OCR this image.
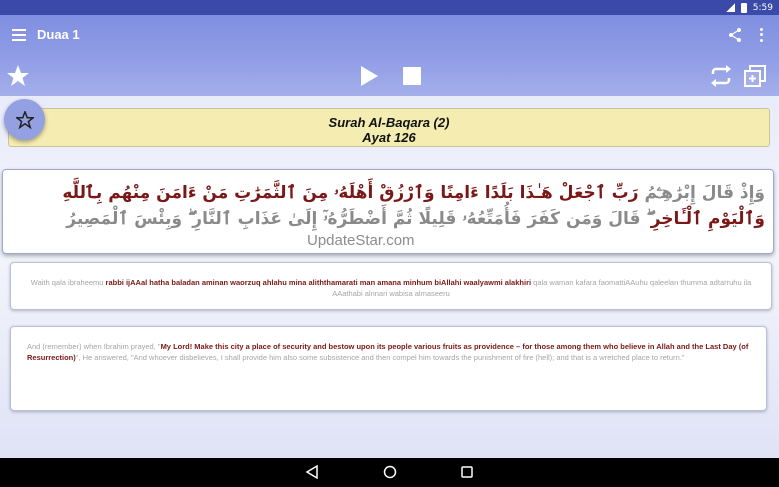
5:59
Duaa 1
Surah Al-Baqara (2)
Ayat 126
وَإِذْ قَالَ إِبْرَٰهِـۧمُ رَبِّ ٱجْعَلْ هَـٰذَا بَلَدًا ءَامِنًا وَٱرْزُقْ أَهْلَهُۥ مِنَ ٱلثَّمَرَٰتِ مَنْ ءَامَنَ مِنْهُم بِٱللَّهِ وَٱلْيَوْمِ ٱلْـَٔاخِرِ ۖ قَالَ وَمَن كَفَرَ فَأُمَتِّعُهُۥ قَلِيلًا ثُمَّ أَضْطَرُّهُۥٓ إِلَىٰ عَذَابِ ٱلنَّارِ ۖ وَبِئْسَ ٱلْمَصِيرُ
UpdateStar.com
Waith qala ibraheemu rabbi ijAAal hatha baladan aminan waorzuq ahlahu mina aliththamarati man amana minhum biAllahi waalyawmi alakhiri qala waman kafara faomattiAAuhu qaleelan thumma adtarruhu ila AAathabi alnnari wabisa almaseeru
And (remember) when Ibrahim prayed, "My Lord! Make this city a place of security and bestow upon its people various fruits as providence – for those among them who believe in Allah and the Last Day (of Resurrection)", He answered, "And whoever disbelieves, I shall provide him also some subsistence and then compel him towards the punishment of fire (hell); and that is a wretched place to return."
